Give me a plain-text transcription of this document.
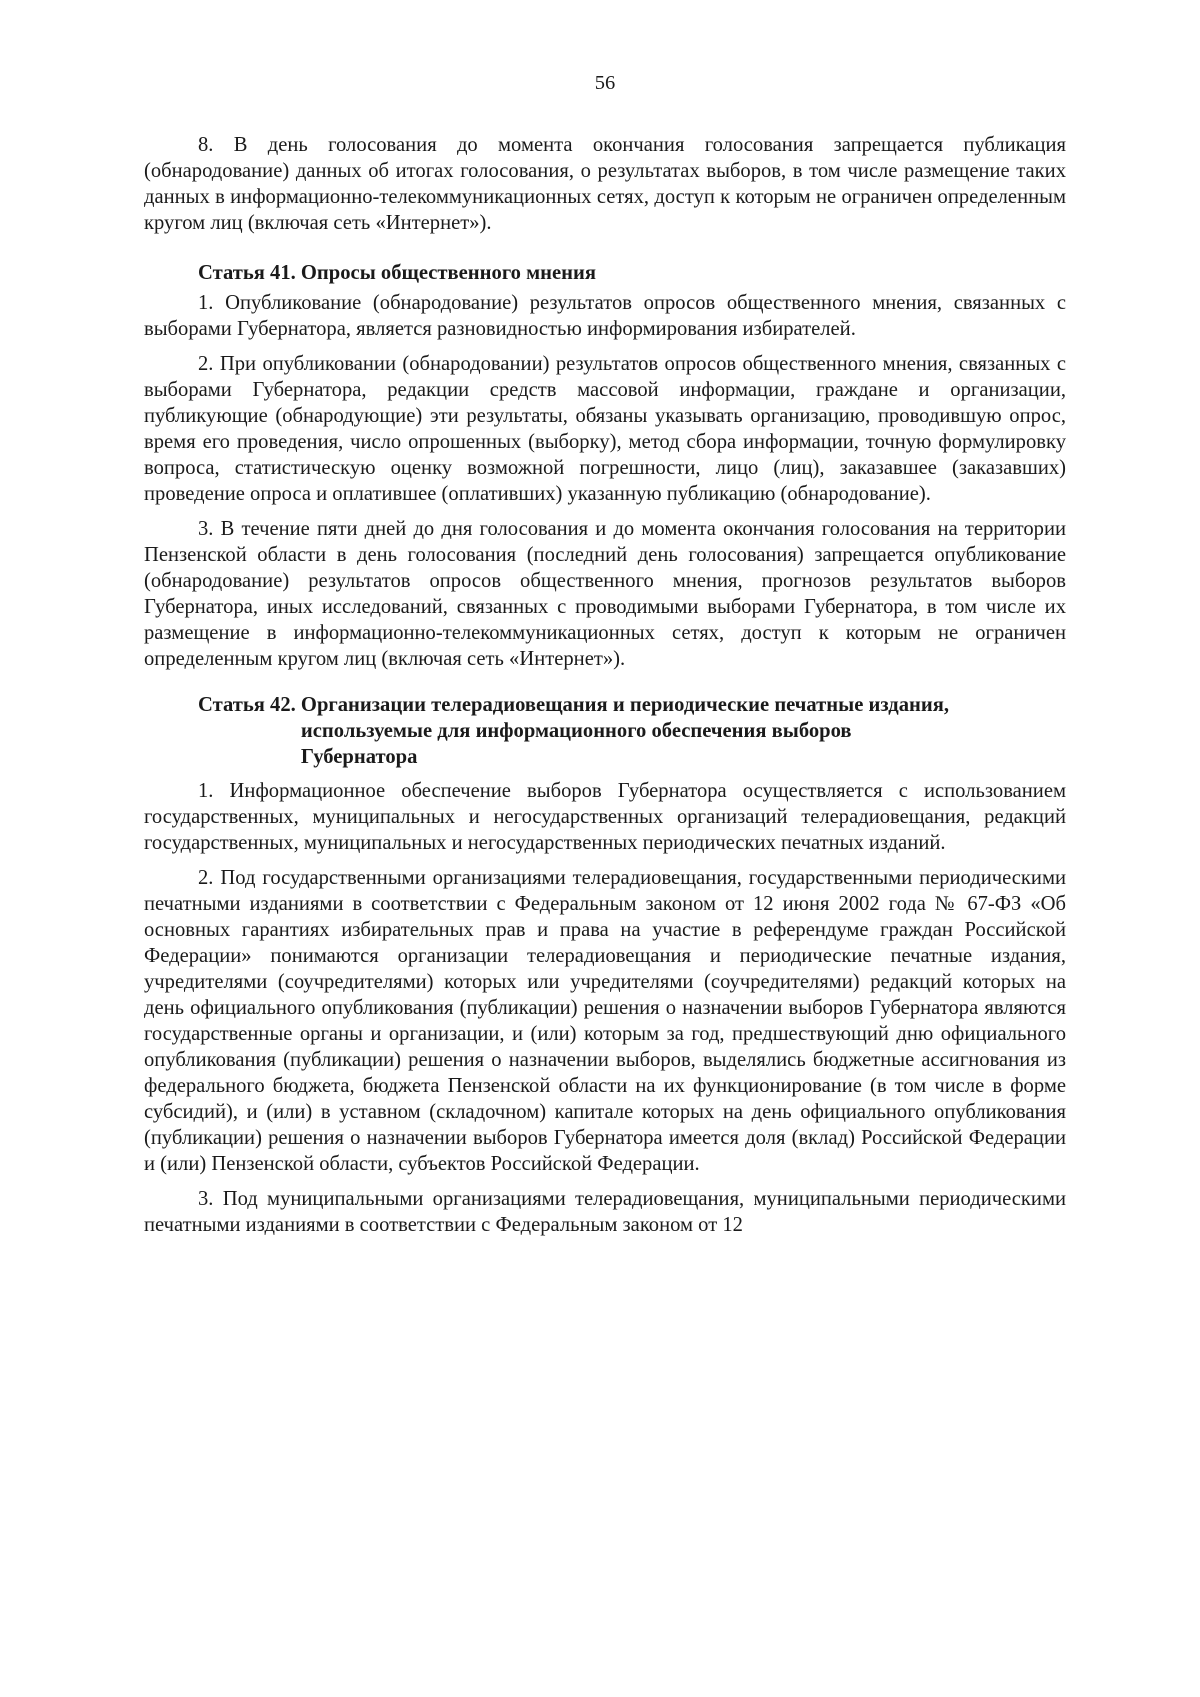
56

8. В день голосования до момента окончания голосования запрещается публикация (обнародование) данных об итогах голосования, о результатах выборов, в том числе размещение таких данных в информационно-телекоммуникационных сетях, доступ к которым не ограничен определенным кругом лиц (включая сеть «Интернет»).

Статья 41. Опросы общественного мнения

1. Опубликование (обнародование) результатов опросов общественного мнения, связанных с выборами Губернатора, является разновидностью информирования избирателей.

2. При опубликовании (обнародовании) результатов опросов общественного мнения, связанных с выборами Губернатора, редакции средств массовой информации, граждане и организации, публикующие (обнародующие) эти результаты, обязаны указывать организацию, проводившую опрос, время его проведения, число опрошенных (выборку), метод сбора информации, точную формулировку вопроса, статистическую оценку возможной погрешности, лицо (лиц), заказавшее (заказавших) проведение опроса и оплатившее (оплативших) указанную публикацию (обнародование).

3. В течение пяти дней до дня голосования и до момента окончания голосования на территории Пензенской области в день голосования (последний день голосования) запрещается опубликование (обнародование) результатов опросов общественного мнения, прогнозов результатов выборов Губернатора, иных исследований, связанных с проводимыми выборами Губернатора, в том числе их размещение в информационно-телекоммуникационных сетях, доступ к которым не ограничен определенным кругом лиц (включая сеть «Интернет»).

Статья 42. Организации телерадиовещания и периодические печатные издания, используемые для информационного обеспечения выборов Губернатора

1. Информационное обеспечение выборов Губернатора осуществляется с использованием государственных, муниципальных и негосударственных организаций телерадиовещания, редакций государственных, муниципальных и негосударственных периодических печатных изданий.

2. Под государственными организациями телерадиовещания, государственными периодическими печатными изданиями в соответствии с Федеральным законом от 12 июня 2002 года № 67-ФЗ «Об основных гарантиях избирательных прав и права на участие в референдуме граждан Российской Федерации» понимаются организации телерадиовещания и периодические печатные издания, учредителями (соучредителями) которых или учредителями (соучредителями) редакций которых на день официального опубликования (публикации) решения о назначении выборов Губернатора являются государственные органы и организации, и (или) которым за год, предшествующий дню официального опубликования (публикации) решения о назначении выборов, выделялись бюджетные ассигнования из федерального бюджета, бюджета Пензенской области на их функционирование (в том числе в форме субсидий), и (или) в уставном (складочном) капитале которых на день официального опубликования (публикации) решения о назначении выборов Губернатора имеется доля (вклад) Российской Федерации и (или) Пензенской области, субъектов Российской Федерации.

3. Под муниципальными организациями телерадиовещания, муниципальными периодическими печатными изданиями в соответствии с Федеральным законом от 12
